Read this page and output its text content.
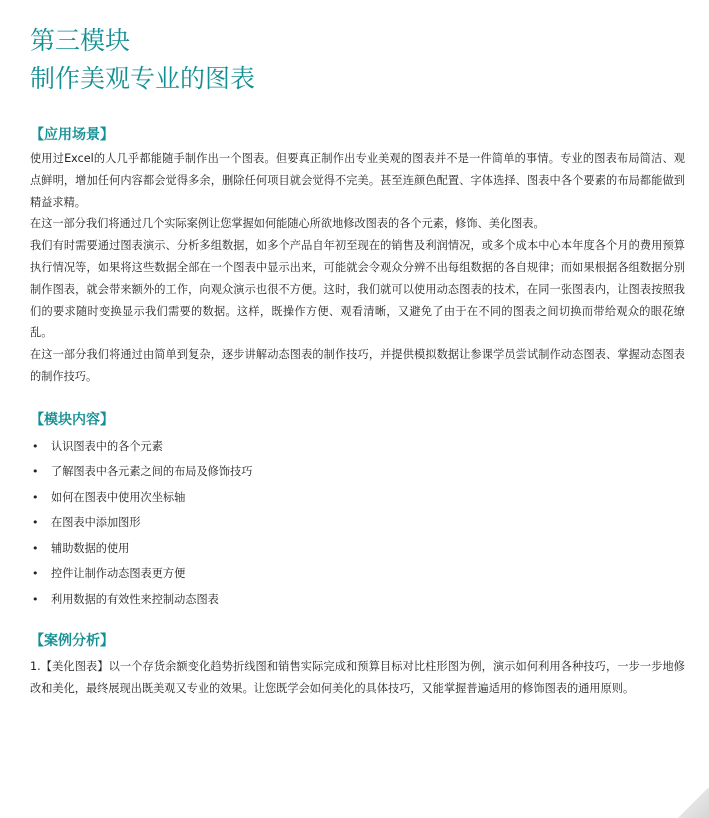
第三模块
制作美观专业的图表
【应用场景】

使用过Excel的人几乎都能随手制作出一个图表。但要真正制作出专业美观的图表并不是一件简单的事情。专业的图表布局简洁、观点鲜明，增加任何内容都会觉得多余，删除任何项目就会觉得不完美。甚至连颜色配置、字体选择、图表中各个要素的布局都能做到精益求精。

在这一部分我们将通过几个实际案例让您掌握如何能随心所欲地修改图表的各个元素，修饰、美化图表。

我们有时需要通过图表演示、分析多组数据，如多个产品自年初至现在的销售及利润情况，或多个成本中心本年度各个月的费用预算执行情况等，如果将这些数据全部在一个图表中显示出来，可能就会令观众分辨不出每组数据的各自规律；而如果根据各组数据分别制作图表，就会带来额外的工作，向观众演示也很不方便。这时，我们就可以使用动态图表的技术，在同一张图表内，让图表按照我们的要求随时变换显示我们需要的数据。这样，既操作方便、观看清晰，又避免了由于在不同的图表之间切换而带给观众的眼花缭乱。

在这一部分我们将通过由简单到复杂，逐步讲解动态图表的制作技巧，并提供模拟数据让参课学员尝试制作动态图表、掌握动态图表的制作技巧。

【模块内容】
• 认识图表中的各个元素
• 了解图表中各元素之间的布局及修饰技巧
• 如何在图表中使用次坐标轴
• 在图表中添加图形
• 辅助数据的使用
• 控件让制作动态图表更方便
• 利用数据的有效性来控制动态图表
【案例分析】

1.【美化图表】以一个存货余额变化趋势折线图和销售实际完成和预算目标对比柱形图为例，演示如何利用各种技巧，一步一步地修改和美化，最终展现出既美观又专业的效果。让您既学会如何美化的具体技巧，又能掌握普遍适用的修饰图表的通用原则。
